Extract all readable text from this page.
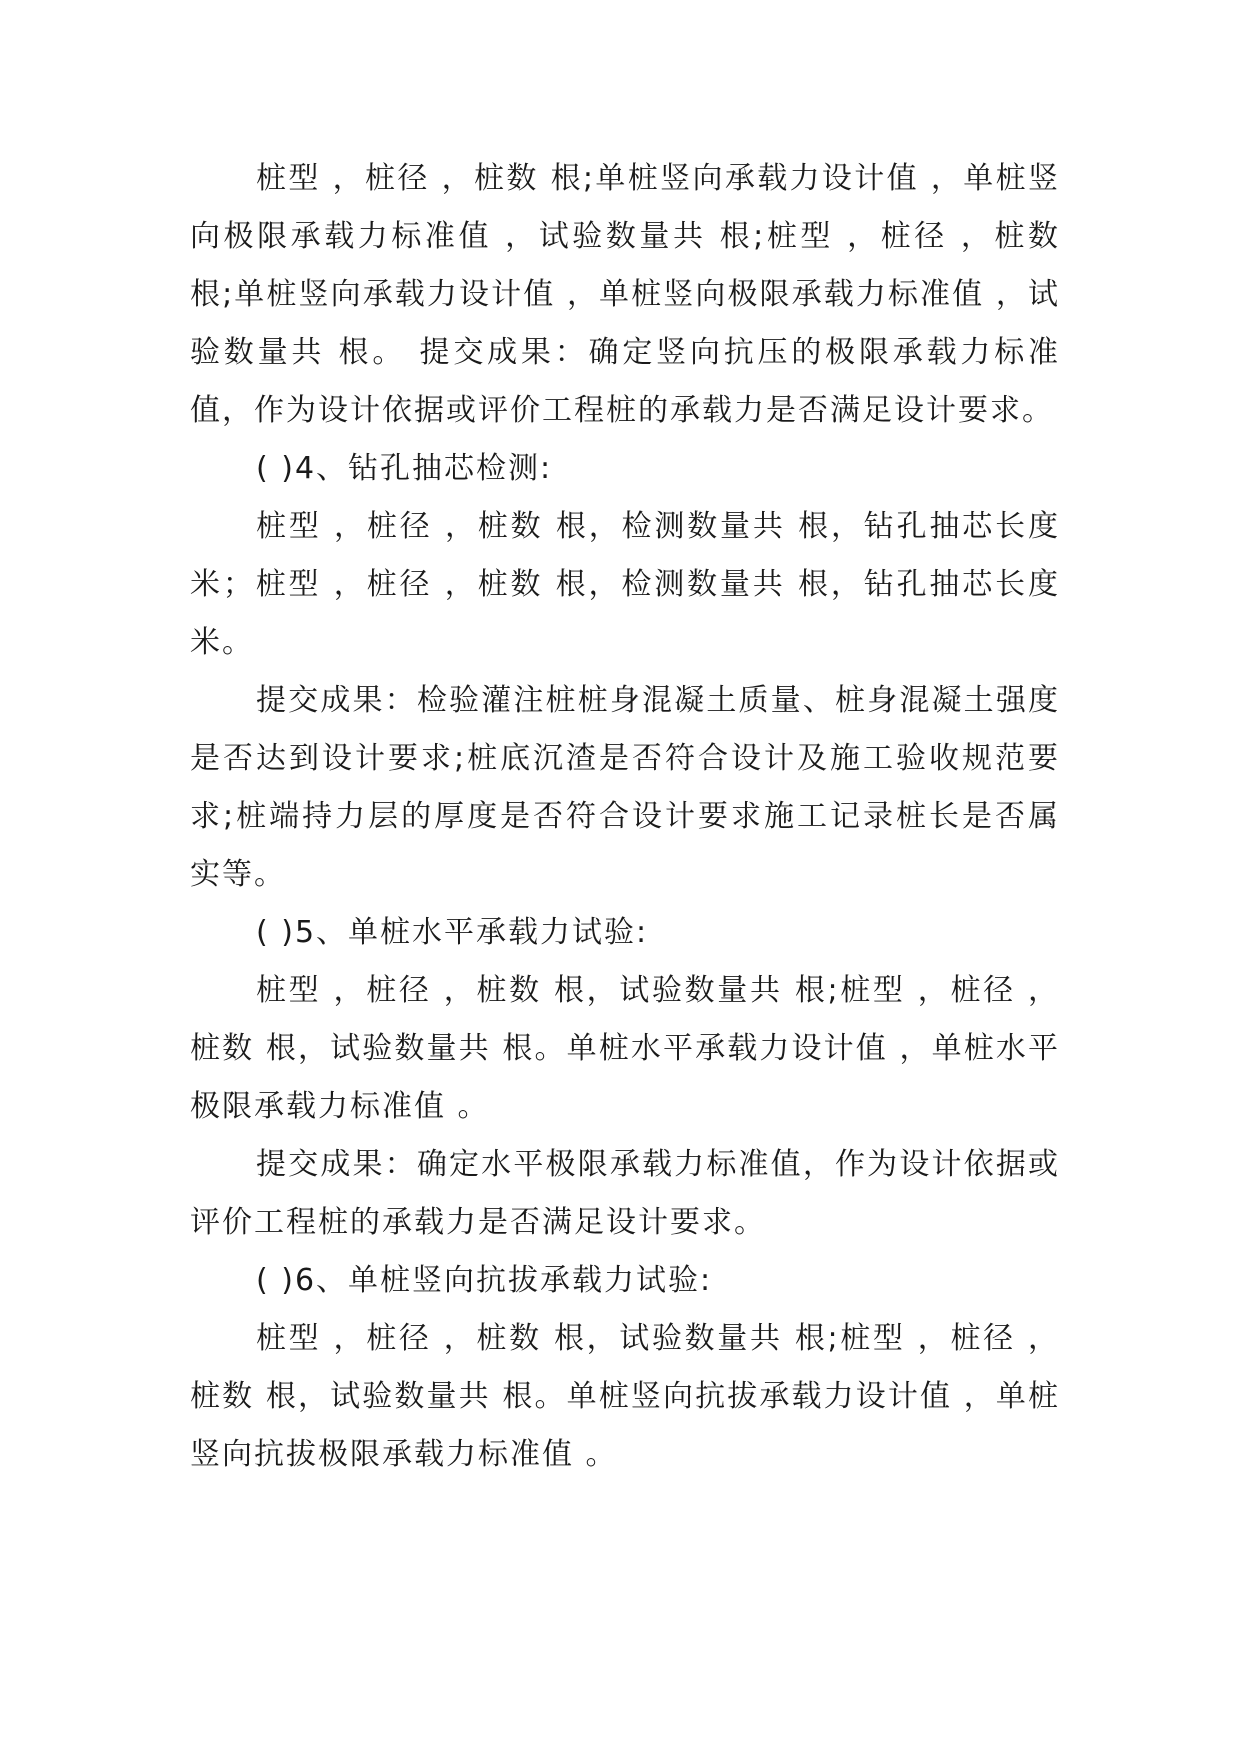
桩型 ，桩径 ，桩数 根;单桩竖向承载力设计值 ，单桩竖向极限承载力标准值 ，试验数量共 根;桩型 ，桩径 ，桩数 根;单桩竖向承载力设计值 ，单桩竖向极限承载力标准值 ，试验数量共 根。 提交成果：确定竖向抗压的极限承载力标准值，作为设计依据或评价工程桩的承载力是否满足设计要求。

( )4、钻孔抽芯检测:

桩型 ，桩径 ，桩数 根，检测数量共 根，钻孔抽芯长度 米；桩型 ，桩径 ，桩数 根，检测数量共 根，钻孔抽芯长度 米。

提交成果：检验灌注桩桩身混凝土质量、桩身混凝土强度是否达到设计要求;桩底沉渣是否符合设计及施工验收规范要求;桩端持力层的厚度是否符合设计要求施工记录桩长是否属实等。

( )5、单桩水平承载力试验:

桩型 ，桩径 ，桩数 根，试验数量共 根;桩型 ，桩径 ，桩数 根，试验数量共 根。单桩水平承载力设计值 ，单桩水平极限承载力标准值 。

提交成果：确定水平极限承载力标准值，作为设计依据或评价工程桩的承载力是否满足设计要求。

( )6、单桩竖向抗拔承载力试验:

桩型 ，桩径 ，桩数 根，试验数量共 根;桩型 ，桩径 ，桩数 根，试验数量共 根。单桩竖向抗拔承载力设计值 ，单桩竖向抗拔极限承载力标准值 。
